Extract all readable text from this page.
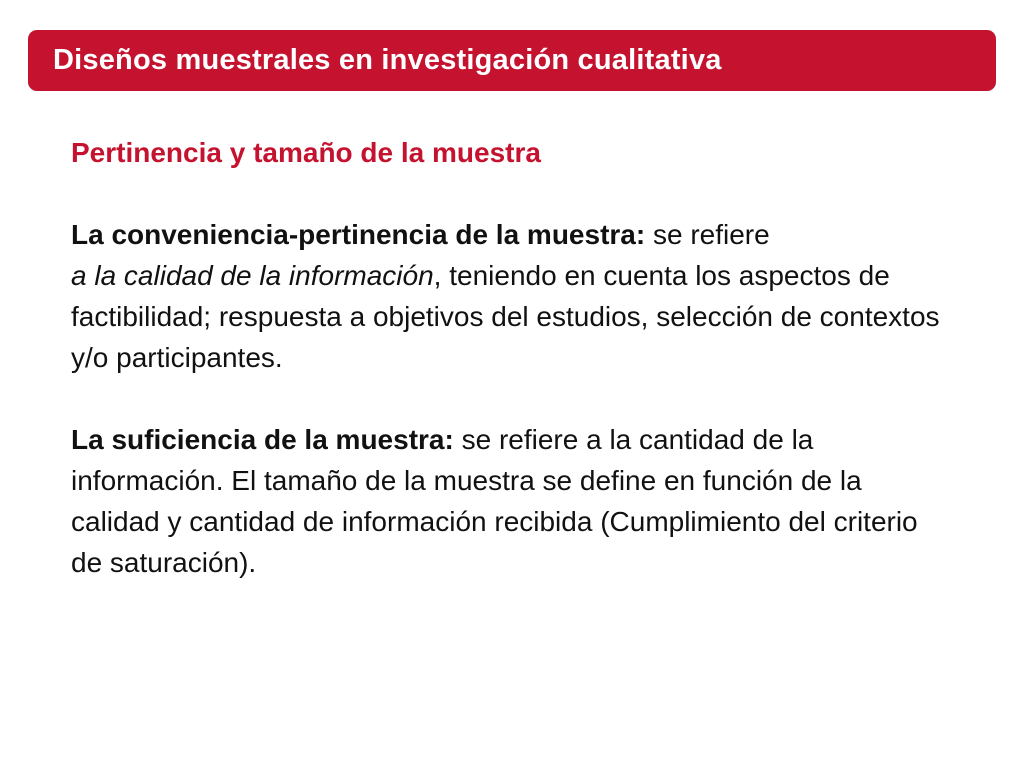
Diseños muestrales en investigación cualitativa

Pertinencia y tamaño de la muestra

La conveniencia-pertinencia de la muestra: se refiere
a la calidad de la información, teniendo en cuenta los aspectos de factibilidad; respuesta a objetivos del estudios, selección de contextos y/o participantes.

La suficiencia de la muestra: se refiere a la cantidad de la información. El tamaño de la muestra se define en función de la calidad y cantidad de información recibida (Cumplimiento del criterio de saturación).
